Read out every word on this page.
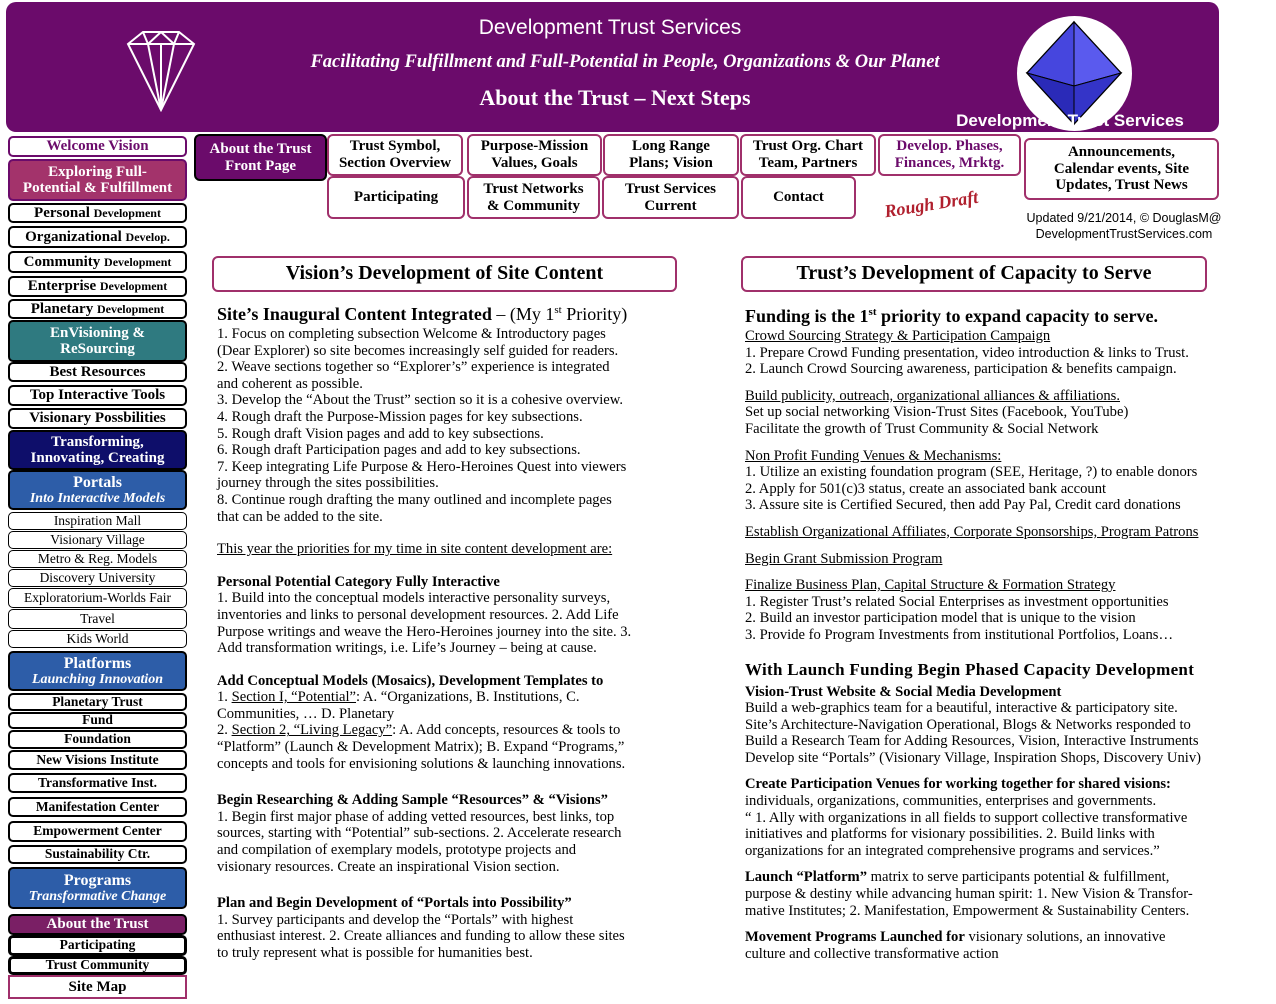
Development Trust Services
Facilitating Fulfillment and Full-Potential in People, Organizations & Our Planet
About the Trust – Next Steps
Development Trust Services
Welcome Vision
Exploring Full-
Potential & Fulfillment
Personal Development
Organizational Develop.
Community Development
Enterprise Development
Planetary Development
EnVisioning &
ReSourcing
Best Resources
Top Interactive Tools
Visionary Possbilities
Transforming,
Innovating, Creating
Portals
Into Interactive Models
Inspiration Mall
Visionary Village
Metro & Reg. Models
Discovery University
Exploratorium-Worlds Fair
Travel
Kids World
Platforms
Launching Innovation
Planetary Trust
Fund
Foundation
New Visions Institute
Transformative Inst.
Manifestation Center
Empowerment Center
Sustainability Ctr.
Programs
Transformative Change
About the Trust
Participating
Trust Community
Site Map
About the Trust
Front Page
Trust Symbol,
Section Overview
Purpose-Mission
Values, Goals
Long Range
Plans; Vision
Trust Org. Chart
Team, Partners
Develop. Phases,
Finances, Mrktg.
Announcements,
Calendar events, Site
Updates, Trust News
Participating
Trust Networks
& Community
Trust Services
Current
Contact	Rough Draft	Updated 9/21/2014, © DouglasM@
DevelopmentTrustServices.com
Vision’s Development of Site Content	Trust’s Development of Capacity to Serve

Site’s Inaugural Content Integrated – (My 1st Priority)

1. Focus on completing subsection Welcome & Introductory pages

(Dear Explorer) so site becomes increasingly self guided for readers.

2. Weave sections together so “Explorer’s” experience is integrated

and coherent as possible.

3. Develop the “About the Trust” section so it is a cohesive overview.

4. Rough draft the Purpose-Mission pages for key subsections.

5. Rough draft Vision pages and add to key subsections.

6. Rough draft Participation pages and add to key subsections.

7. Keep integrating Life Purpose & Hero-Heroines Quest into viewers

journey through the sites possibilities.

8. Continue rough drafting the many outlined and incomplete pages

that can be added to the site.

This year the priorities for my time in site content development are:

Personal Potential Category Fully Interactive

1. Build into the conceptual models interactive personality surveys,

inventories and links to personal development resources. 2. Add Life

Purpose writings and weave the Hero-Heroines journey into the site. 3.

Add transformation writings, i.e. Life’s Journey – being at cause.

Add Conceptual Models (Mosaics), Development Templates to

1. Section I, “Potential”: A. “Organizations, B. Institutions, C.

Communities, … D. Planetary

2. Section 2, “Living Legacy”: A. Add concepts, resources & tools to

“Platform” (Launch & Development Matrix); B. Expand “Programs,”

concepts and tools for envisioning solutions & launching innovations.

Begin Researching & Adding Sample “Resources” & “Visions”

1. Begin first major phase of adding vetted resources, best links, top

sources, starting with “Potential” sub-sections. 2. Accelerate research

and compilation of exemplary models, prototype projects and

visionary resources. Create an inspirational Vision section.

Plan and Begin Development of “Portals into Possibility”

1. Survey participants and develop the “Portals” with highest

enthusiast interest. 2. Create alliances and funding to allow these sites

to truly represent what is possible for humanities best.

Funding is the 1st priority to expand capacity to serve.

Crowd Sourcing Strategy & Participation Campaign

1. Prepare Crowd Funding presentation, video introduction & links to Trust.

2. Launch Crowd Sourcing awareness, participation & benefits campaign.

Build publicity, outreach, organizational alliances & affiliations.

Set up social networking Vision-Trust Sites (Facebook, YouTube)

Facilitate the growth of Trust Community & Social Network

Non Profit Funding Venues & Mechanisms:

1. Utilize an existing foundation program (SEE, Heritage, ?) to enable donors

2. Apply for 501(c)3 status, create an associated bank account

3. Assure site is Certified Secured, then add Pay Pal, Credit card donations

Establish Organizational Affiliates, Corporate Sponsorships, Program Patrons

Begin Grant Submission Program

Finalize Business Plan, Capital Structure & Formation Strategy

1. Register Trust’s related Social Enterprises as investment opportunities

2. Build an investor participation model that is unique to the vision

3. Provide fo Program Investments from institutional Portfolios, Loans…

With Launch Funding Begin Phased Capacity Development

Vision-Trust Website & Social Media Development

Build a web-graphics team for a beautiful, interactive & participatory site.

Site’s Architecture-Navigation Operational, Blogs & Networks responded to

Build a Research Team for Adding Resources, Vision, Interactive Instruments

Develop site “Portals” (Visionary Village, Inspiration Shops, Discovery Univ)

Create Participation Venues for working together for shared visions:

individuals, organizations, communities, enterprises and governments.

“ 1. Ally with organizations in all fields to support collective transformative

initiatives and platforms for visionary possibilities. 2. Build links with

organizations for an integrated comprehensive programs and services.”

Launch “Platform” matrix to serve participants potential & fulfillment,

purpose & destiny while advancing human spirit: 1. New Vision & Transfor-

mative Institutes; 2. Manifestation, Empowerment & Sustainability Centers.

Movement Programs Launched for visionary solutions, an innovative

culture and collective transformative action
